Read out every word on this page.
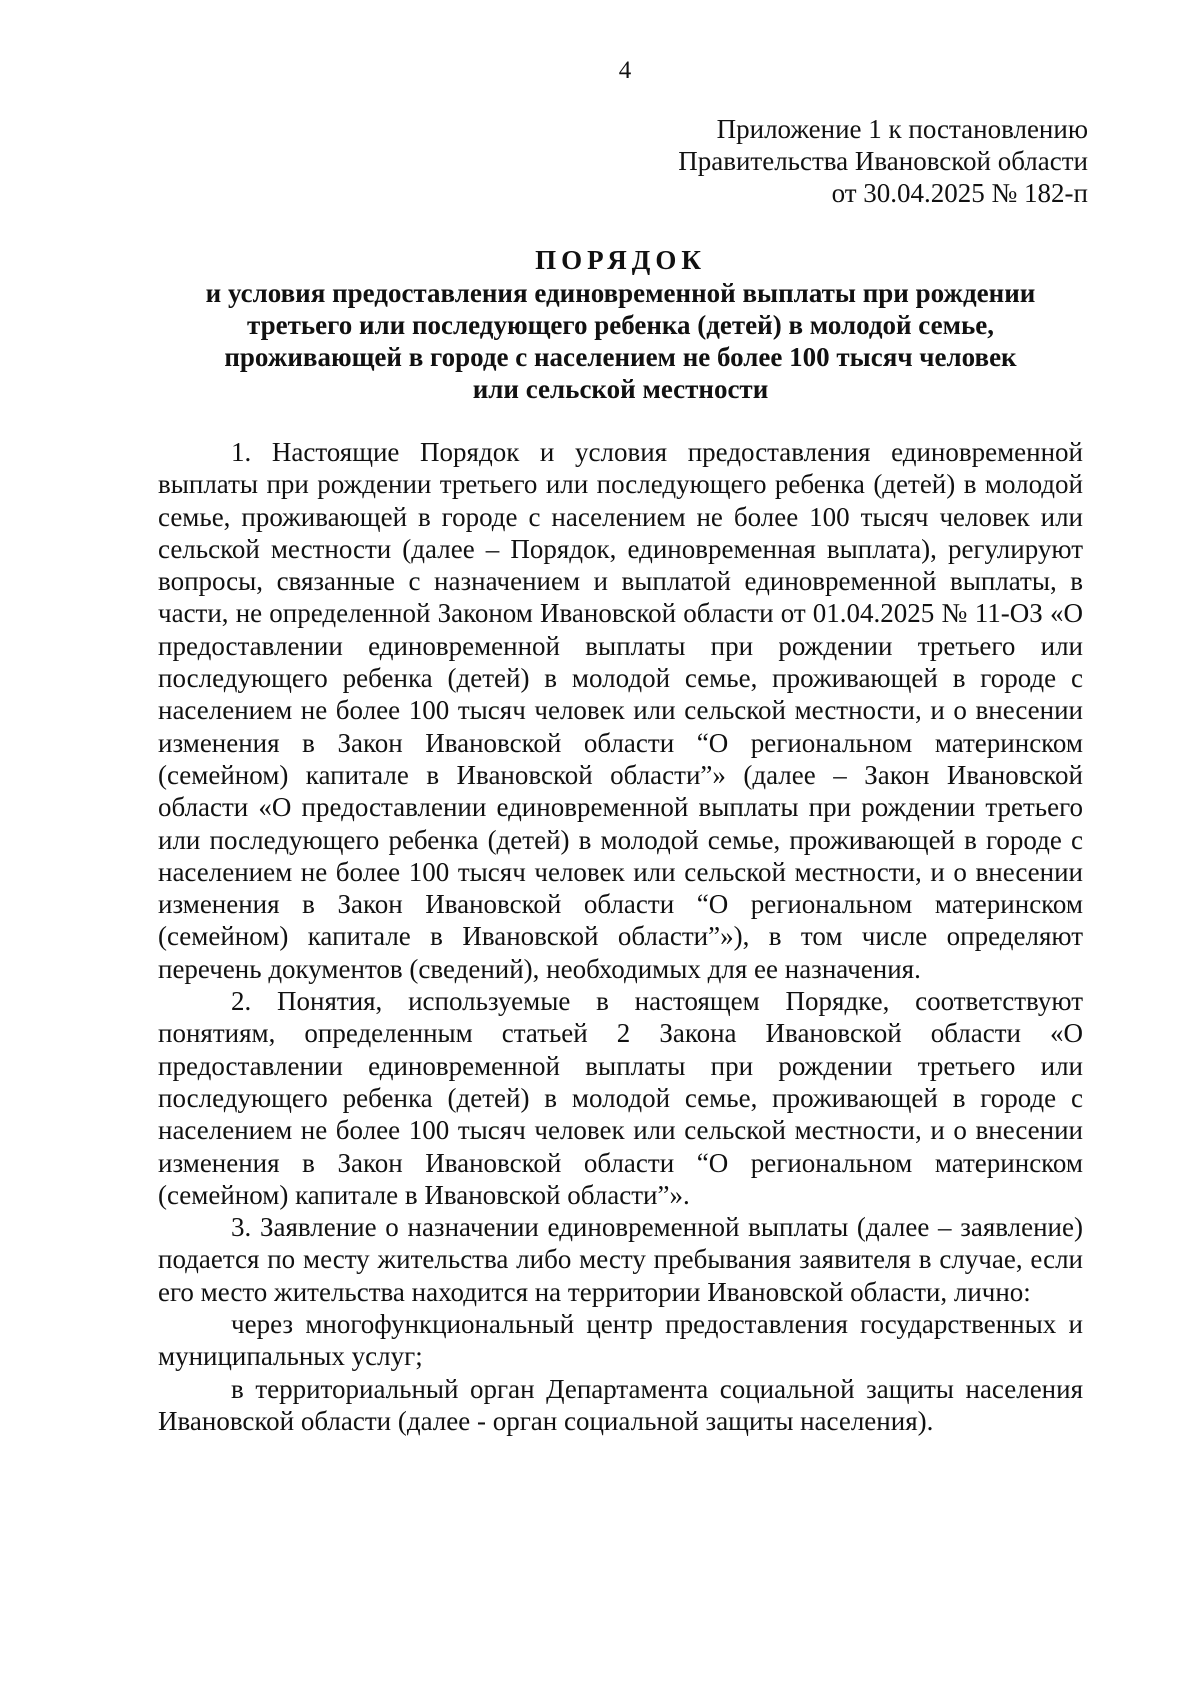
4
Приложение 1 к постановлению
Правительства Ивановской области
от 30.04.2025 № 182-п
ПОРЯДОК
и условия предоставления единовременной выплаты при рождении
третьего или последующего ребенка (детей) в молодой семье,
проживающей в городе с населением не более 100 тысяч человек
или сельской местности

1. Настоящие Порядок и условия предоставления единовременной выплаты при рождении третьего или последующего ребенка (детей) в молодой семье, проживающей в городе с населением не более 100 тысяч человек или сельской местности (далее – Порядок, единовременная выплата), регулируют вопросы, связанные с назначением и выплатой единовременной выплаты, в части, не определенной Законом Ивановской области от 01.04.2025 № 11-ОЗ «О предоставлении единовременной выплаты при рождении третьего или последующего ребенка (детей) в молодой семье, проживающей в городе с населением не более 100 тысяч человек или сельской местности, и о внесении изменения в Закон Ивановской области “О региональном материнском (семейном) капитале в Ивановской области”» (далее – Закон Ивановской области «О предоставлении единовременной выплаты при рождении третьего или последующего ребенка (детей) в молодой семье, проживающей в городе с населением не более 100 тысяч человек или сельской местности, и о внесении изменения в Закон Ивановской области “О региональном материнском (семейном) капитале в Ивановской области”»), в том числе определяют перечень документов (сведений), необходимых для ее назначения.

2. Понятия, используемые в настоящем Порядке, соответствуют понятиям, определенным статьей 2 Закона Ивановской области «О предоставлении единовременной выплаты при рождении третьего или последующего ребенка (детей) в молодой семье, проживающей в городе с населением не более 100 тысяч человек или сельской местности, и о внесении изменения в Закон Ивановской области “О региональном материнском (семейном) капитале в Ивановской области”».

3. Заявление о назначении единовременной выплаты (далее – заявление) подается по месту жительства либо месту пребывания заявителя в случае, если его место жительства находится на территории Ивановской области, лично:

через многофункциональный центр предоставления государственных и муниципальных услуг;

в территориальный орган Департамента социальной защиты населения Ивановской области (далее - орган социальной защиты населения).
